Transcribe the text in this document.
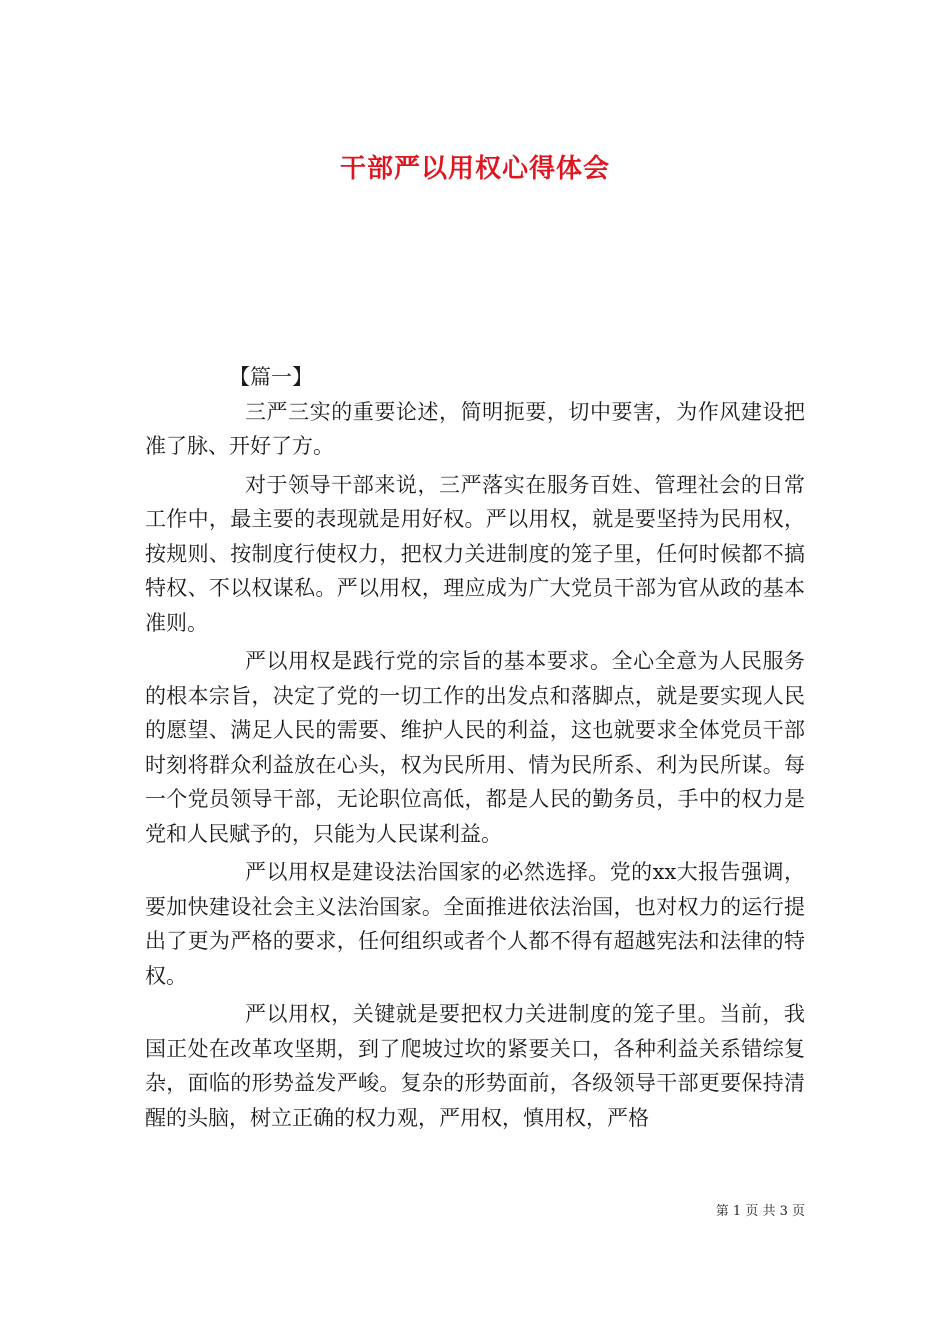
干部严以用权心得体会

【篇一】

三严三实的重要论述，简明扼要，切中要害，为作风建设把准了脉、开好了方。

对于领导干部来说，三严落实在服务百姓、管理社会的日常工作中，最主要的表现就是用好权。严以用权，就是要坚持为民用权，按规则、按制度行使权力，把权力关进制度的笼子里，任何时候都不搞特权、不以权谋私。严以用权，理应成为广大党员干部为官从政的基本准则。

严以用权是践行党的宗旨的基本要求。全心全意为人民服务的根本宗旨，决定了党的一切工作的出发点和落脚点，就是要实现人民的愿望、满足人民的需要、维护人民的利益，这也就要求全体党员干部时刻将群众利益放在心头，权为民所用、情为民所系、利为民所谋。每一个党员领导干部，无论职位高低，都是人民的勤务员，手中的权力是党和人民赋予的，只能为人民谋利益。

严以用权是建设法治国家的必然选择。党的xx大报告强调，要加快建设社会主义法治国家。全面推进依法治国，也对权力的运行提出了更为严格的要求，任何组织或者个人都不得有超越宪法和法律的特权。

严以用权，关键就是要把权力关进制度的笼子里。当前，我国正处在改革攻坚期，到了爬坡过坎的紧要关口，各种利益关系错综复杂，面临的形势益发严峻。复杂的形势面前，各级领导干部更要保持清醒的头脑，树立正确的权力观，严用权，慎用权，严格

第 1 页 共 3 页
